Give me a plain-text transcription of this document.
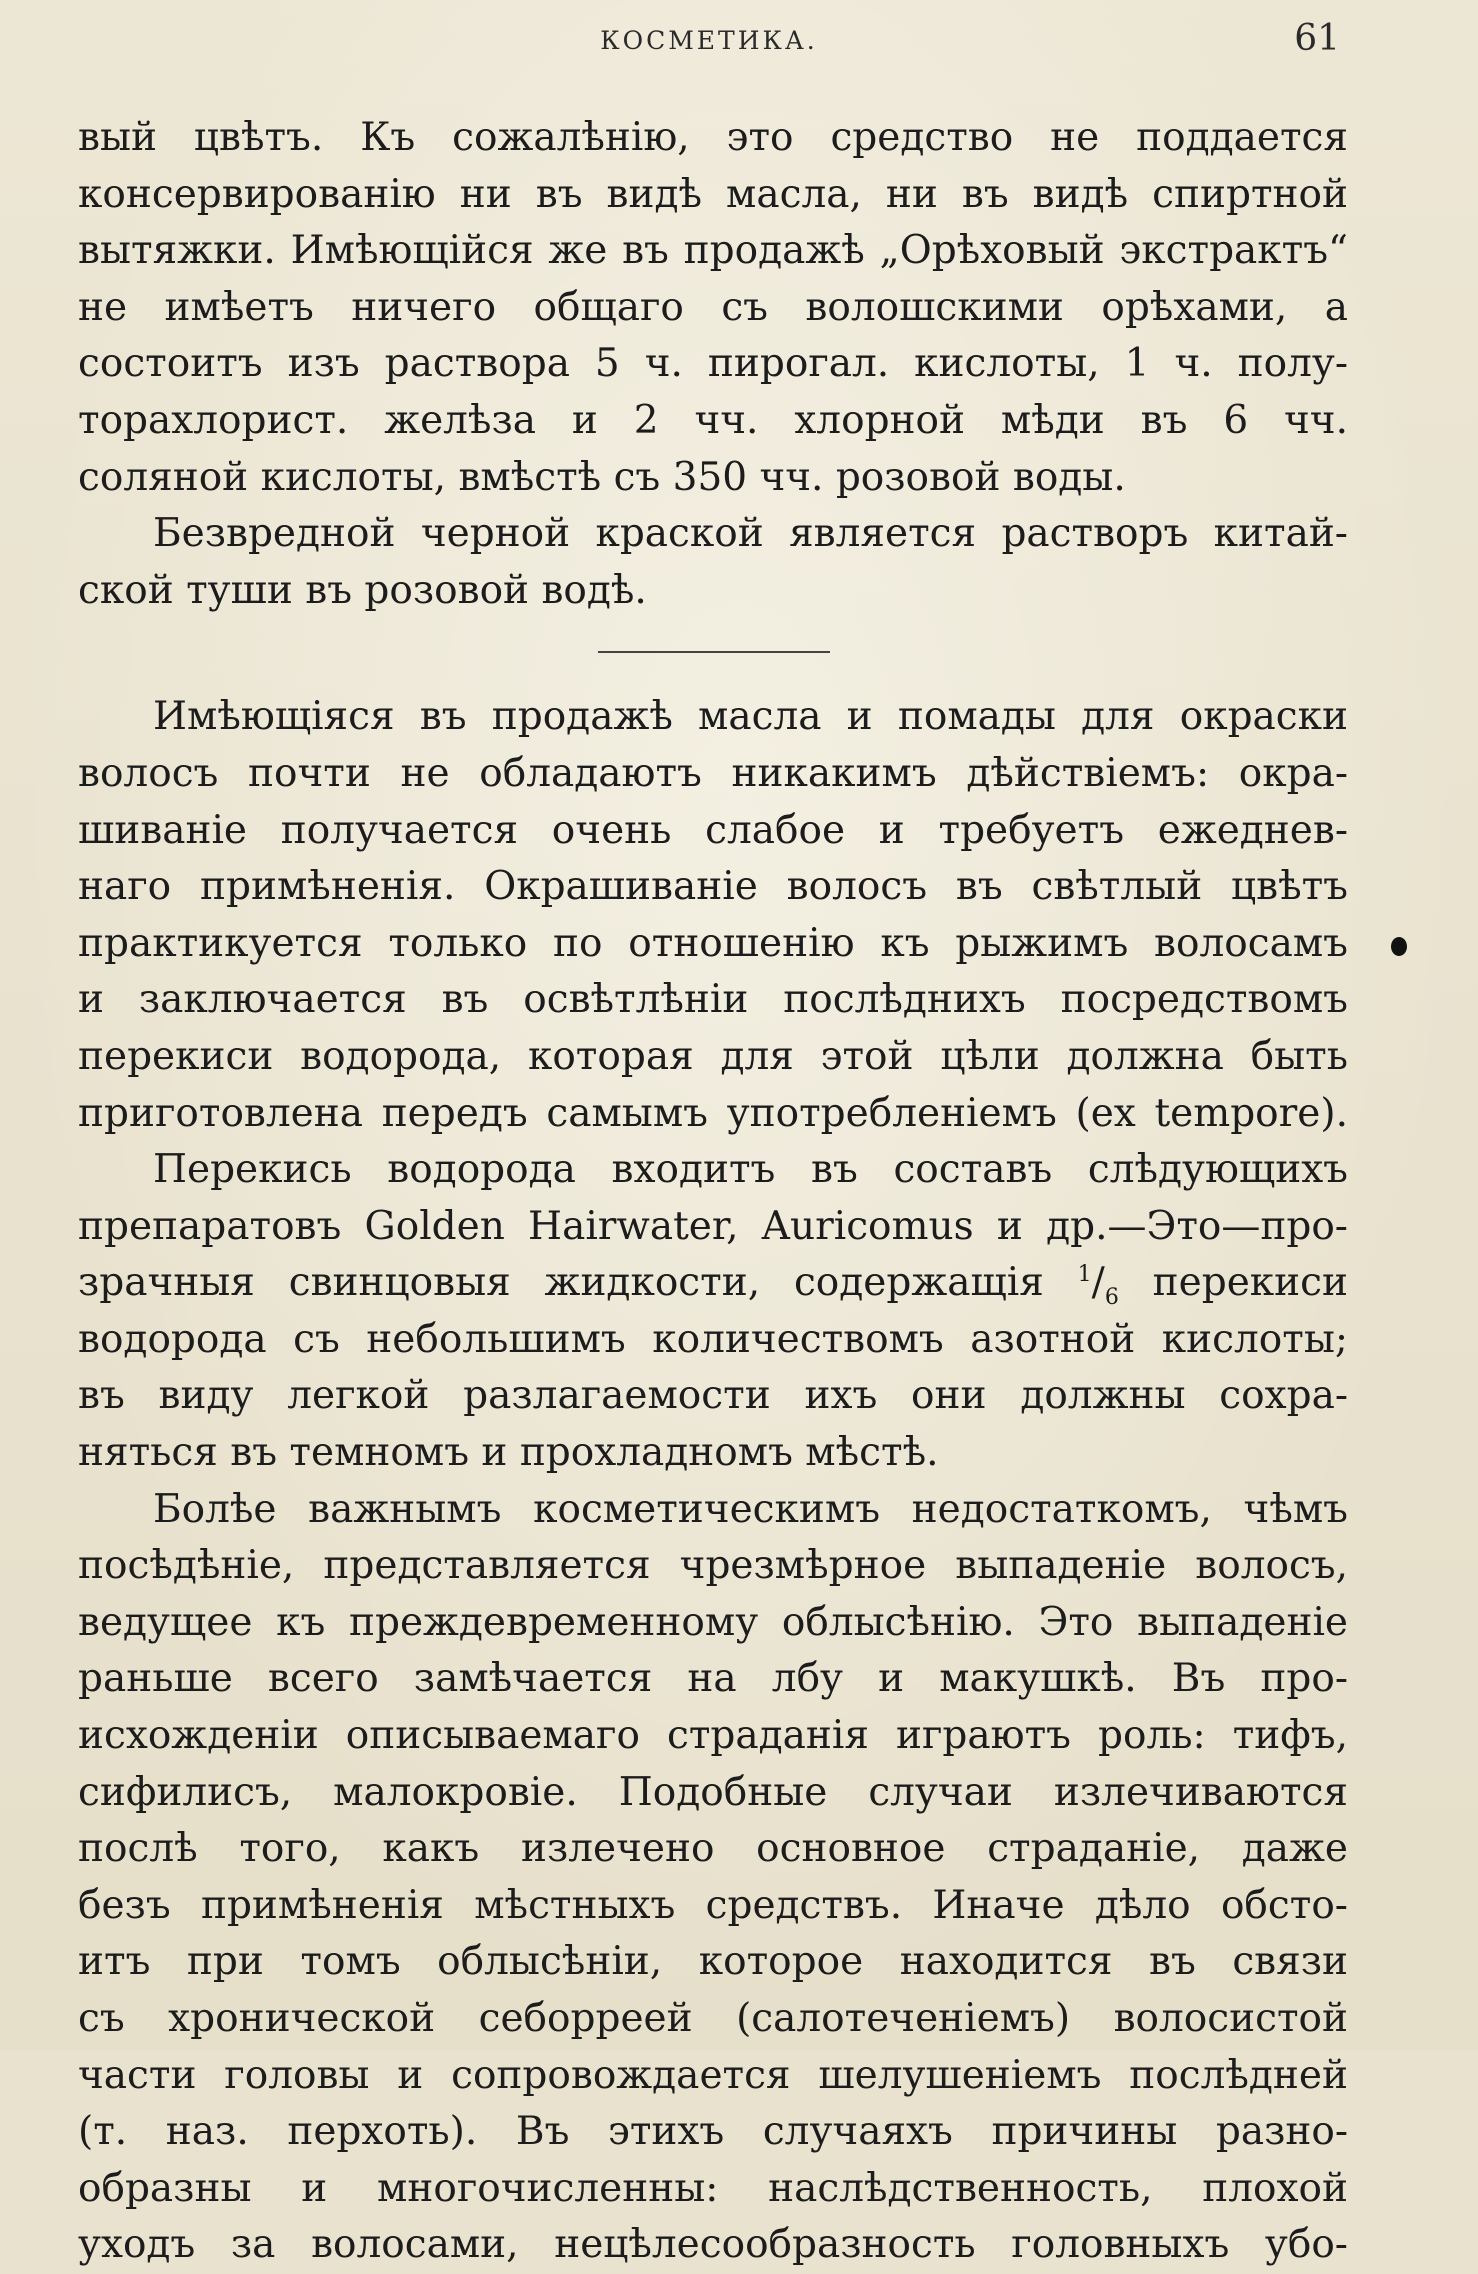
КОСМЕТИКА.	61
вый цвѣтъ. Къ сожалѣнію, это средство не поддается
консервированію ни въ видѣ масла, ни въ видѣ спиртной
вытяжки. Имѣющійся же въ продажѣ „Орѣховый экстрактъ“
не имѣетъ ничего общаго съ волошскими орѣхами, а
состоитъ изъ раствора 5 ч. пирогал. кислоты, 1 ч. полу-
торахлорист. желѣза и 2 чч. хлорной мѣди въ 6 чч.
соляной кислоты, вмѣстѣ съ 350 чч. розовой воды.
Безвредной черной краской является растворъ китай-
ской туши въ розовой водѣ.
Имѣющіяся въ продажѣ масла и помады для окраски
волосъ почти не обладаютъ никакимъ дѣйствіемъ: окра-
шиваніе получается очень слабое и требуетъ ежеднев-
наго примѣненія. Окрашиваніе волосъ въ свѣтлый цвѣтъ
практикуется только по отношенію къ рыжимъ волосамъ
и заключается въ освѣтлѣніи послѣднихъ посредствомъ
перекиси водорода, которая для этой цѣли должна быть
приготовлена передъ самымъ употребленіемъ (ex tempore).
Перекись водорода входитъ въ составъ слѣдующихъ
препаратовъ Golden Hairwater, Auricomus и др.—Это—про-
зрачныя свинцовыя жидкости, содержащія $^1/_6$ перекиси
водорода съ небольшимъ количествомъ азотной кислоты;
въ виду легкой разлагаемости ихъ они должны сохра-
няться въ темномъ и прохладномъ мѣстѣ.
Болѣе важнымъ косметическимъ недостаткомъ, чѣмъ
посѣдѣніе, представляется чрезмѣрное выпаденіе волосъ,
ведущее къ преждевременному облысѣнію. Это выпаденіе
раньше всего замѣчается на лбу и макушкѣ. Въ про-
исхожденіи описываемаго страданія играютъ роль: тифъ,
сифилисъ, малокровіе. Подобные случаи излечиваются
послѣ того, какъ излечено основное страданіе, даже
безъ примѣненія мѣстныхъ средствъ. Иначе дѣло обсто-
итъ при томъ облысѣніи, которое находится въ связи
съ хронической себорреей (салотеченіемъ) волосистой
части головы и сопровождается шелушеніемъ послѣдней
(т. наз. перхоть). Въ этихъ случаяхъ причины разно-
образны и многочисленны: наслѣдственность, плохой
уходъ за волосами, нецѣлесообразность головныхъ убо-
